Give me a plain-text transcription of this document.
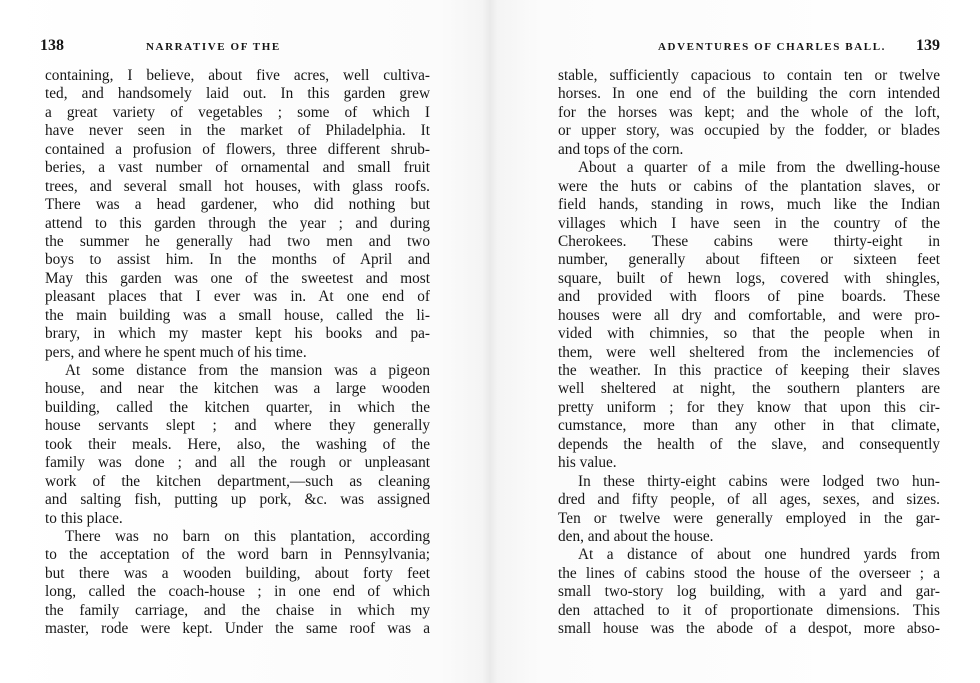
138	NARRATIVE OF THE
containing, I believe, about five acres, well cultiva-
ted, and handsomely laid out. In this garden grew
a great variety of vegetables ; some of which I
have never seen in the market of Philadelphia. It
contained a profusion of flowers, three different shrub-
beries, a vast number of ornamental and small fruit
trees, and several small hot houses, with glass roofs.
There was a head gardener, who did nothing but
attend to this garden through the year ; and during
the summer he generally had two men and two
boys to assist him. In the months of April and
May this garden was one of the sweetest and most
pleasant places that I ever was in. At one end of
the main building was a small house, called the li-
brary, in which my master kept his books and pa-
pers, and where he spent much of his time.
At some distance from the mansion was a pigeon
house, and near the kitchen was a large wooden
building, called the kitchen quarter, in which the
house servants slept ; and where they generally
took their meals. Here, also, the washing of the
family was done ; and all the rough or unpleasant
work of the kitchen department,—such as cleaning
and salting fish, putting up pork, &c. was assigned
to this place.
There was no barn on this plantation, according
to the acceptation of the word barn in Pennsylvania;
but there was a wooden building, about forty feet
long, called the coach-house ; in one end of which
the family carriage, and the chaise in which my
master, rode were kept. Under the same roof was a
ADVENTURES OF CHARLES BALL. 139
stable, sufficiently capacious to contain ten or twelve
horses. In one end of the building the corn intended
for the horses was kept; and the whole of the loft,
or upper story, was occupied by the fodder, or blades
and tops of the corn.
About a quarter of a mile from the dwelling-house
were the huts or cabins of the plantation slaves, or
field hands, standing in rows, much like the Indian
villages which I have seen in the country of the
Cherokees. These cabins were thirty-eight in
number, generally about fifteen or sixteen feet
square, built of hewn logs, covered with shingles,
and provided with floors of pine boards. These
houses were all dry and comfortable, and were pro-
vided with chimnies, so that the people when in
them, were well sheltered from the inclemencies of
the weather. In this practice of keeping their slaves
well sheltered at night, the southern planters are
pretty uniform ; for they know that upon this cir-
cumstance, more than any other in that climate,
depends the health of the slave, and consequently
his value.
In these thirty-eight cabins were lodged two hun-
dred and fifty people, of all ages, sexes, and sizes.
Ten or twelve were generally employed in the gar-
den, and about the house.
At a distance of about one hundred yards from
the lines of cabins stood the house of the overseer ; a
small two-story log building, with a yard and gar-
den attached to it of proportionate dimensions. This
small house was the abode of a despot, more abso-
